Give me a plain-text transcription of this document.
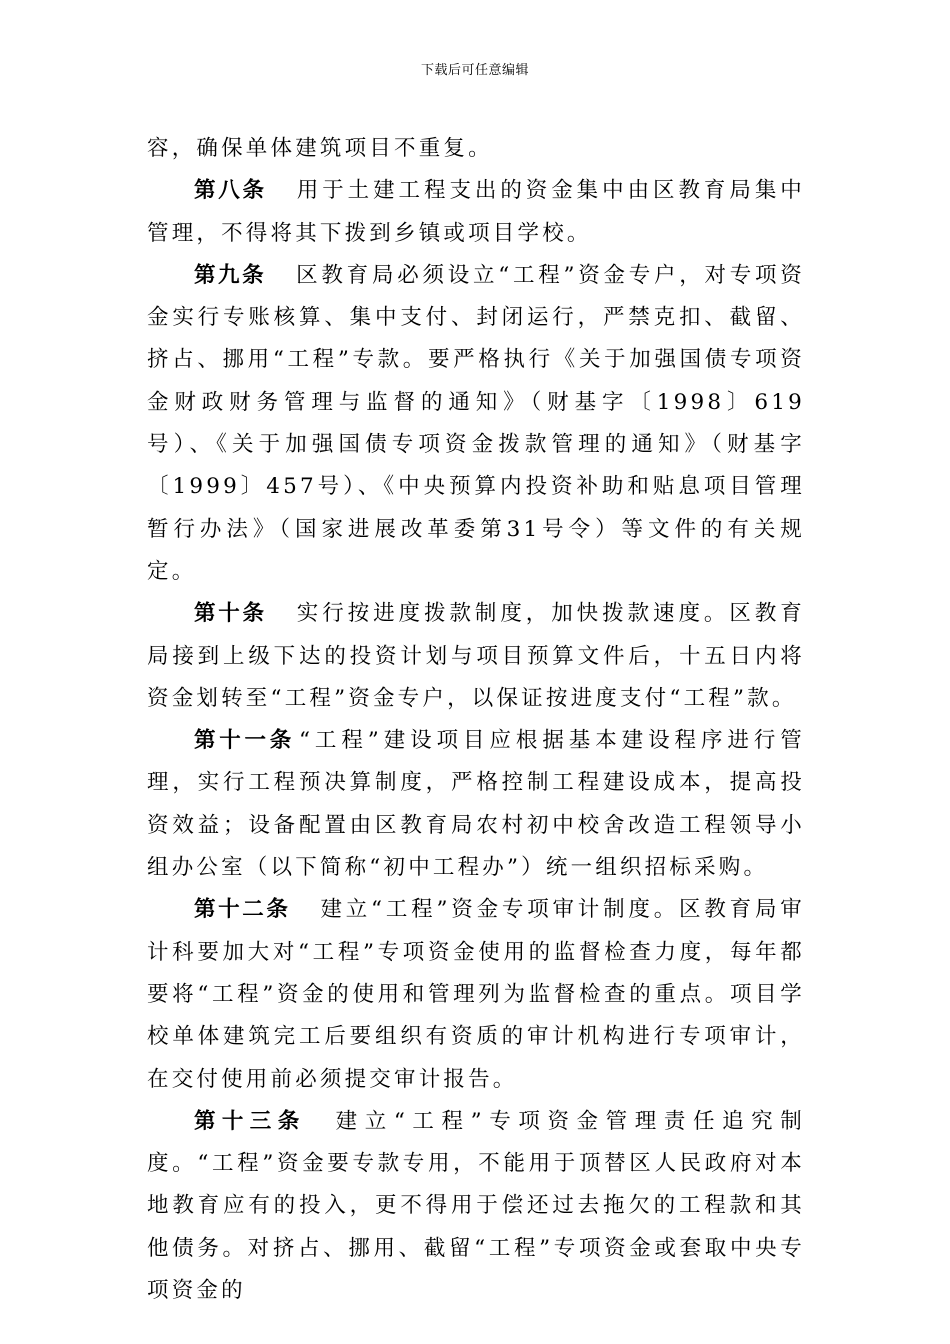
下载后可任意编辑

容，确保单体建筑项目不重复。

第八条 用于土建工程支出的资金集中由区教育局集中管理，不得将其下拨到乡镇或项目学校。

第九条 区教育局必须设立“工程”资金专户，对专项资金实行专账核算、集中支付、封闭运行，严禁克扣、截留、挤占、挪用“工程”专款。要严格执行《关于加强国债专项资金财政财务管理与监督的通知》（财基字〔1998〕619号）、《关于加强国债专项资金拨款管理的通知》（财基字〔1999〕457号）、《中央预算内投资补助和贴息项目管理暂行办法》（国家进展改革委第31号令）等文件的有关规定。

第十条 实行按进度拨款制度，加快拨款速度。区教育局接到上级下达的投资计划与项目预算文件后，十五日内将资金划转至“工程”资金专户，以保证按进度支付“工程”款。

第十一条 “工程”建设项目应根据基本建设程序进行管理，实行工程预决算制度，严格控制工程建设成本，提高投资效益；设备配置由区教育局农村初中校舍改造工程领导小组办公室（以下简称“初中工程办”）统一组织招标采购。

第十二条 建立“工程”资金专项审计制度。区教育局审计科要加大对“工程”专项资金使用的监督检查力度，每年都要将“工程”资金的使用和管理列为监督检查的重点。项目学校单体建筑完工后要组织有资质的审计机构进行专项审计，在交付使用前必须提交审计报告。

第十三条 建立“工程”专项资金管理责任追究制度。“工程”资金要专款专用，不能用于顶替区人民政府对本地教育应有的投入，更不得用于偿还过去拖欠的工程款和其他债务。对挤占、挪用、截留“工程”专项资金或套取中央专项资金的
